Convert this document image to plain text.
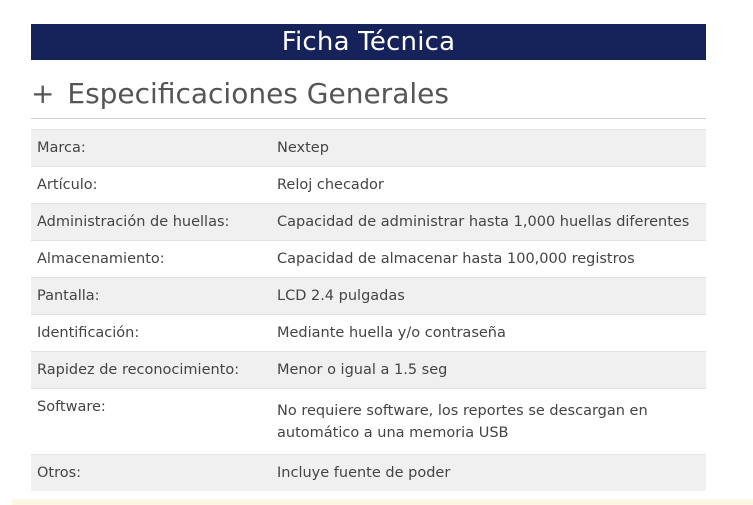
Ficha Técnica
+ Especificaciones Generales
Marca:	Nextep
Artículo:	Reloj checador
Administración de huellas:	Capacidad de administrar hasta 1,000 huellas diferentes
Almacenamiento:	Capacidad de almacenar hasta 100,000 registros
Pantalla:	LCD 2.4 pulgadas
Identificación:	Mediante huella y/o contraseña
Rapidez de reconocimiento:	Menor o igual a 1.5 seg
Software:	No requiere software, los reportes se descargan en automático a una memoria USB
Otros:	Incluye fuente de poder
